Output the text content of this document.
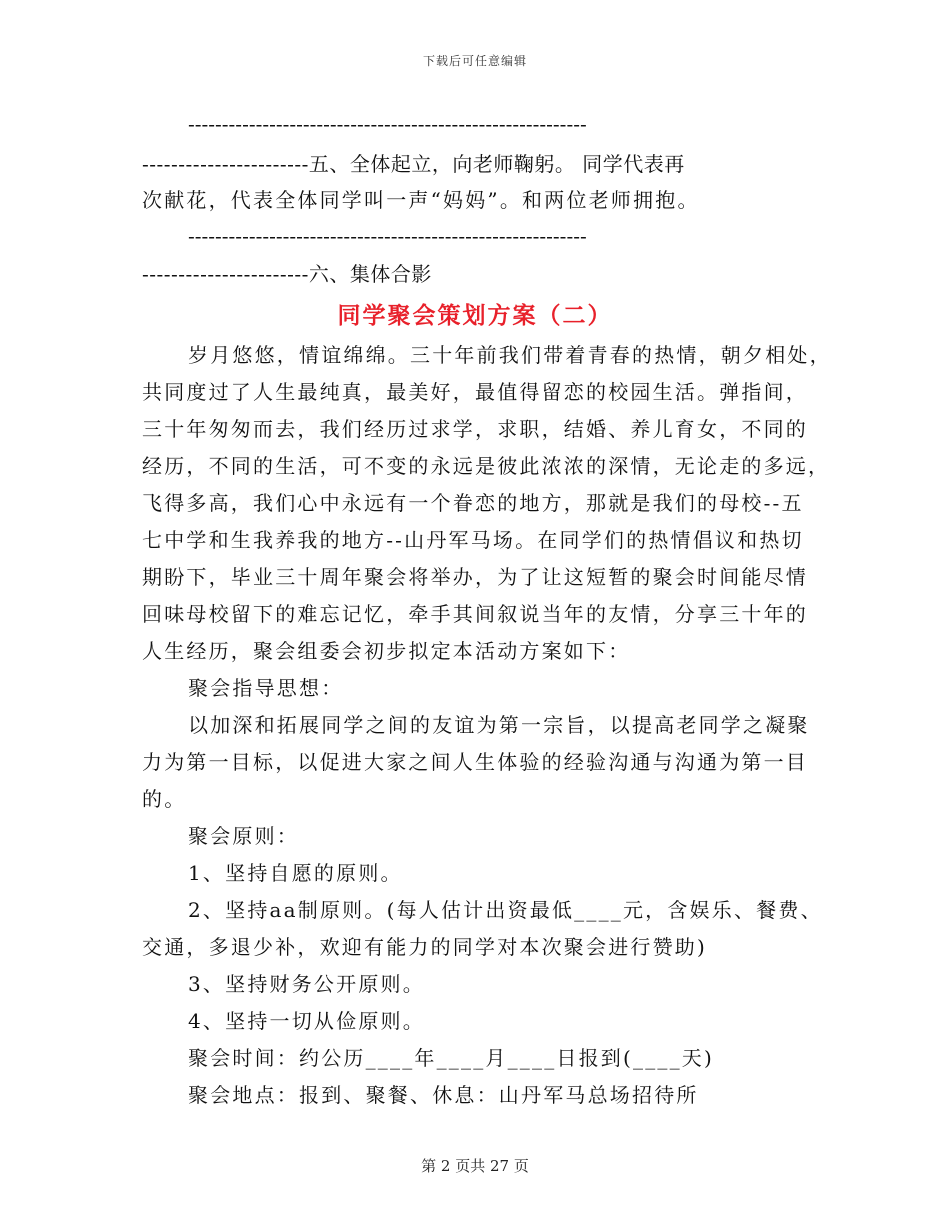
下载后可任意编辑
-----------------------------------------------------------
-----------------------五、全体起立，向老师鞠躬。 同学代表再
次献花，代表全体同学叫一声“妈妈”。和两位老师拥抱。
-----------------------------------------------------------
-----------------------六、集体合影
同学聚会策划方案（二）
岁月悠悠，情谊绵绵。三十年前我们带着青春的热情，朝夕相处，
共同度过了人生最纯真，最美好，最值得留恋的校园生活。弹指间，
三十年匆匆而去，我们经历过求学，求职，结婚、养儿育女，不同的
经历，不同的生活，可不变的永远是彼此浓浓的深情，无论走的多远，
飞得多高，我们心中永远有一个眷恋的地方，那就是我们的母校--五
七中学和生我养我的地方--山丹军马场。在同学们的热情倡议和热切
期盼下，毕业三十周年聚会将举办，为了让这短暂的聚会时间能尽情
回味母校留下的难忘记忆，牵手其间叙说当年的友情，分享三十年的
人生经历，聚会组委会初步拟定本活动方案如下：
聚会指导思想：
以加深和拓展同学之间的友谊为第一宗旨，以提高老同学之凝聚
力为第一目标，以促进大家之间人生体验的经验沟通与沟通为第一目
的。
聚会原则：
1、坚持自愿的原则。
2、坚持aa制原则。(每人估计出资最低____元，含娱乐、餐费、
交通，多退少补，欢迎有能力的同学对本次聚会进行赞助)
3、坚持财务公开原则。
4、坚持一切从俭原则。
聚会时间：约公历____年____月____日报到(____天)
聚会地点：报到、聚餐、休息：山丹军马总场招待所
第 2 页共 27 页
